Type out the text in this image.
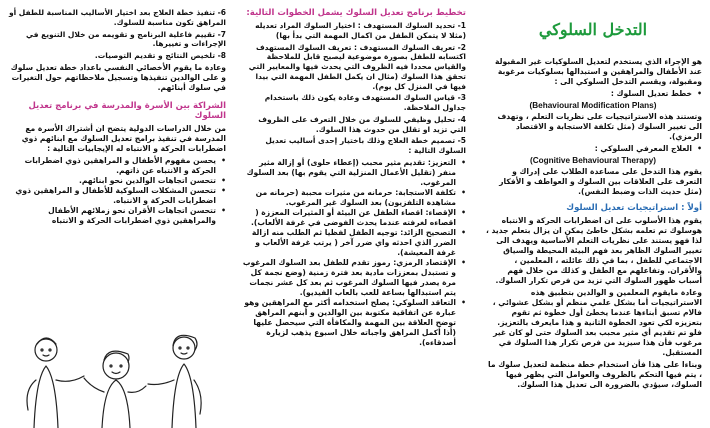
التدخل السلوكي

هو الإجراء الذي يستخدم لتعديل السلوكيات غير المقبولة عند الأطفال والمراهقين و استبدالها بسلوكيات مرغوبة ومقبولة، ويقسم التدخل السلوكي الى :

• خطط تعديل السلوك :
(Behavioural Modification Plans)

وتستند هذه الاستراتيجيات على نظريات التعلم ، وتهدف الى تغيير السلوك (مثل تكلفة الاستجابة و الاقتصاد الرمزي).

• العلاج المعرفي السلوكي :
(Cognitive Behavioural Therapy)

يقوم هذا التدخل على مساعدة الطلاب على إدراك و التعرف على العلاقات بين السلوك و العواطف و الأفكار (مثل حديث الذات وضبط النفس).

أولاً : استراتيجيات تعديل السلوك

يقوم هذا الأسلوب على ان اضطرابات الحركة و الانتباه هوسلوك تم تعلمه بشكل خاطئ يمكن ان يزال بتعلم جديد ، لذا فهو يستند على نظريات التعلم الأساسية ويهدف الى تغيير السلوك الظاهر بعد فهم البيئة المحيطة والسياق الاجتماعي للطفل ، بما في ذلك عائلته ، المعلمين ، والأقران. وتفاعلهم مع الطفل و كذلك من خلال فهم أسباب ظهور السلوك التي تزيد من فرص تكرار السلوك.

وعادة مايقوم المعلمين و الوالدين بتطبيق هذه الاستراتيجيات أما بشكل علمي منظم أو بشكل عشوائي ، فالام تسبق أبناءها عندما يخطئ أول خطوة ثم تقوم بتعزيزه لكي تعود الخطوة الثانية و هذا مايعرف بالتعزيز. فلو تم تقديم أي مثير محبب بعد السلوك حتى لو كان غير مرغوب فأن هذا سيزيد من فرص تكرار هذا السلوك في المستقبل.

وبناءا على هذا فأن استخدام خطة منظمة لتعديل سلوك ما ، يتم فيها التحكم بالظروف والعوامل التي يظهر فيها السلوك، سيؤدي بالضرورة الى تعديل هذا السلوك.

تخطيط برنامج تعديل السلوك يشمل الخطوات التالية:
1- تحديد السلوك المستهدف : اختيار السلوك المراد تعديله (مثلا لا يتمكن الطفل من اكمال المهمة التي بدأ بها)
2- تعريف السلوك المستهدف : تعريف السلوك المستهدف اكتسابه للطفل بصورة موضوعية ليصبح قابل للملاحظة والقياس محددا فيه الظروف التي يحدث فيها والمعايير التي تحقق هذا السلوك (مثال ان يكمل الطفل المهمة التي بيدا فيها في المنزل كل يوم).
3- قياس السلوك المستهدف وعادة يكون ذلك باستخدام جداول الملاحظة.
4- تحليل وظيفي للسلوك من خلال التعرف على الظروف التي تزيد او تقلل من حدوث هذا السلوك.
5- تصميم خطة العلاج وذلك باختيار إحدى أساليب تعديل السلوك التالية :
• التعزيز: تقديم مثير محبب (إعطاء حلوى) أو إزالة مثير منفر (تقليل الأعمال المنزلية التي يقوم بها) بعد السلوك المرغوب.
• تكلفة الاستجابة: حرمانه من مثيرات محببة (حرمانه من مشاهدة التلفزيون) بعد السلوك غير المرغوب.
• الإقصاء: اقصاء الطفل عن البيئة أو المثيرات المعززة ( اقصاءه لغرفته عندما يحدث الفوضى في غرفة الألعاب).
• التصحيح الزائد: توجيه الطفل لفظيا ثم الطلب منه ازالة الضرر الذي احدثه واي ضرر آخر ( يرتب غرفة الألعاب و غرفة المعيشة).
• الإقتصاد الرمزي: رموز تقدم للطفل بعد السلوك المرغوب و تستبدل بمعززات مادية بعد فترة زمنية (وضع نجمة كل مرة يصدر فيها السلوك المرغوب ثم بعد كل عشر نجمات يتم استبدالها بساعة للعب بالعاب الفيديو).
• التعاقد السلوكي: يصلح استخدامه أكثر مع المراهقين وهو عبارة عن اتفاقية مكتوبة بين الوالدين و أبنهم المراهق توضح العلاقة بين المهمة والمكافأة التي سيحصل عليها (أذا أكمل المراهق واجباته خلال اسبوع يذهب لزيارة أصدقاءه).
6- تنفيذ خطة العلاج بعد اختيار الأساليب المناسبة للطفل أو المراهق تكون مناسبة للسلوك.
7- تقييم فاعلية البرنامج و تقويمه من خلال التنويع في الإجراءات و تغييرها.
8- تلخيص النتائج و تقديم التوصيات.

وعادة ما يقوم الأخصائي النفسي باعداد خطة تعديل سلوك و على الوالدين تنفيذها وتسجيل ملاحظاتهم حول التغيرات في سلوك أبنائهم.

الشراكة بين الأسرة والمدرسة في برنامج تعديل السلوك

من خلال الدراسات الدولية يتضح ان أشتراك الأسرة مع المدرسة في تنفيذ برامج تعديل السلوك مع ابنائهم ذوي اضطرابات الحركة و الانتباه له الإيجابيات التالية :

• يحسن مفهوم الأطفال و المراهقين ذوي اضطرابات الحركة و الانتباه عن ذاتهم.
• تتحسن اتجاهات الوالدين نحو ابنائهم.
• تتحسن المشكلات السلوكية للأطفال و المراهقين ذوي اضطرابات الحركة و الانتباه.
• تتحسن اتجاهات الأقران نحو زملائهم الأطفال والمراهقين ذوي اضطرابات الحركة و الانتباه
